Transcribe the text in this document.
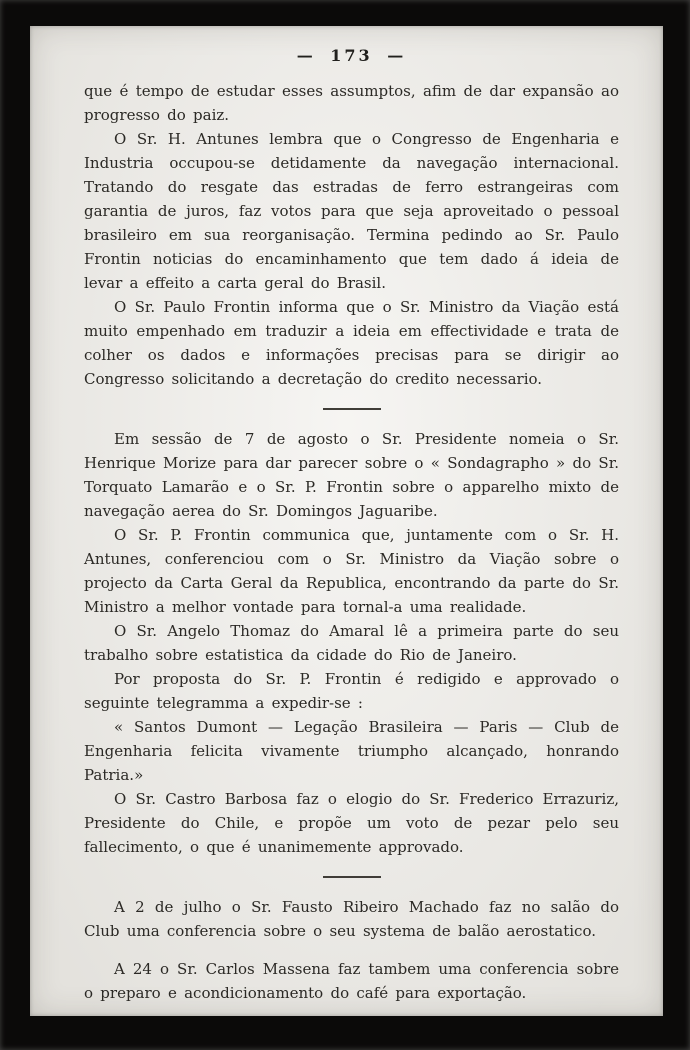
— 173 —

que é tempo de estudar esses assumptos, afim de dar expansão ao progresso do paiz.

O Sr. H. Antunes lembra que o Congresso de Engenharia e Industria occupou-se detidamente da navegação internacional. Tratando do resgate das estradas de ferro estrangeiras com garantia de juros, faz votos para que seja aproveitado o pessoal brasileiro em sua reorganisação. Termina pedindo ao Sr. Paulo Frontin noticias do encaminhamento que tem dado á ideia de levar a effeito a carta geral do Brasil.

O Sr. Paulo Frontin informa que o Sr. Ministro da Viação está muito empenhado em traduzir a ideia em effectividade e trata de colher os dados e informações precisas para se dirigir ao Congresso solicitando a decretação do credito necessario.

Em sessão de 7 de agosto o Sr. Presidente nomeia o Sr. Henrique Morize para dar parecer sobre o « Sondagrapho » do Sr. Torquato Lamarão e o Sr. P. Frontin sobre o apparelho mixto de navegação aerea do Sr. Domingos Jaguaribe.

O Sr. P. Frontin communica que, juntamente com o Sr. H. Antunes, conferenciou com o Sr. Ministro da Viação sobre o projecto da Carta Geral da Republica, encontrando da parte do Sr. Ministro a melhor vontade para tornal-a uma realidade.

O Sr. Angelo Thomaz do Amaral lê a primeira parte do seu trabalho sobre estatistica da cidade do Rio de Janeiro.

Por proposta do Sr. P. Frontin é redigido e approvado o seguinte telegramma a expedir-se :

« Santos Dumont — Legação Brasileira — Paris — Club de Engenharia felicita vivamente triumpho alcançado, honrando Patria.»

O Sr. Castro Barbosa faz o elogio do Sr. Frederico Errazuriz, Presidente do Chile, e propõe um voto de pezar pelo seu fallecimento, o que é unanimemente approvado.

A 2 de julho o Sr. Fausto Ribeiro Machado faz no salão do Club uma conferencia sobre o seu systema de balão aerostatico.

A 24 o Sr. Carlos Massena faz tambem uma conferencia sobre o preparo e acondicionamento do café para exportação.
